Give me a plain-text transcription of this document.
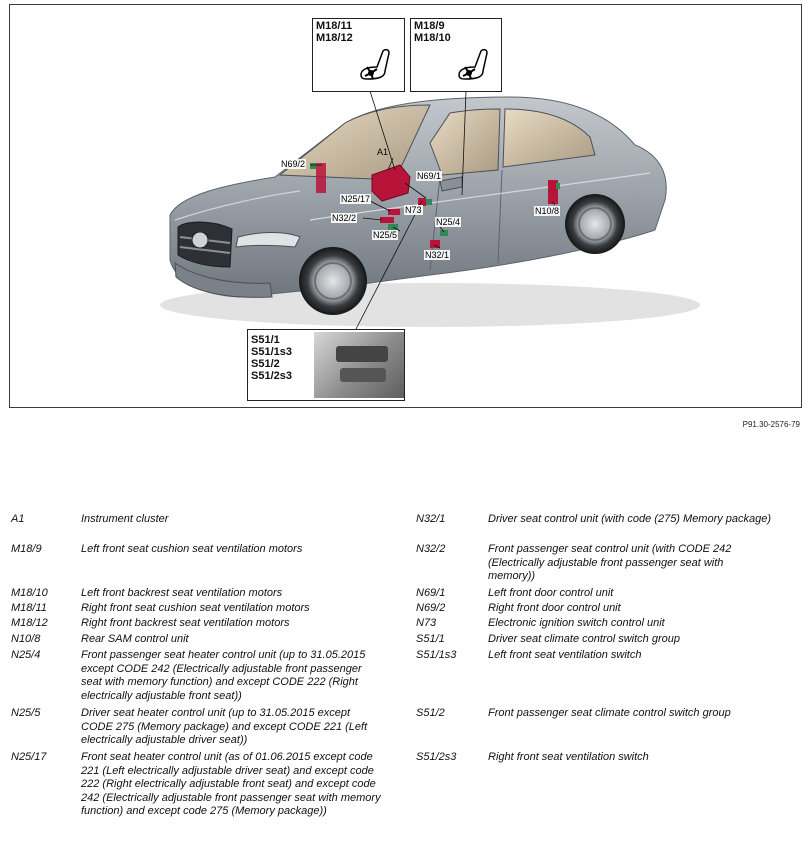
M18/11
M18/12
M18/9
M18/10
S51/1
S51/1s3
S51/2
S51/2s3
A1
N69/2
N69/1
N25/17
N73
N32/2	N25/4
N25/5
N32/1
N10/8
P91.30-2576-79
A1	Instrument cluster
M18/9	Left front seat cushion seat ventilation motors
M18/10	Left front backrest seat ventilation motors
M18/11	Right front seat cushion seat ventilation motors
M18/12	Right front backrest seat ventilation motors
N10/8	Rear SAM control unit
N25/4	Front passenger seat heater control unit (up to 31.05.2015 except CODE 242 (Electrically adjustable front passenger seat with memory function) and except CODE 222 (Right electrically adjustable front seat))
N25/5	Driver seat heater control unit (up to 31.05.2015 except CODE 275 (Memory package) and except CODE 221 (Left electrically adjustable driver seat))
N25/17	Front seat heater control unit (as of 01.06.2015 except code 221 (Left electrically adjustable driver seat) and except code 222 (Right electrically adjustable front seat) and except code 242 (Electrically adjustable front passenger seat with memory function) and except code 275 (Memory package))
N32/1	Driver seat control unit (with code (275) Memory package)
N32/2	Front passenger seat control unit (with CODE 242 (Electrically adjustable front passenger seat with memory))
N69/1	Left front door control unit
N69/2	Right front door control unit
N73	Electronic ignition switch control unit
S51/1	Driver seat climate control switch group
S51/1s3	Left front seat ventilation switch
S51/2	Front passenger seat climate control switch group
S51/2s3	Right front seat ventilation switch
